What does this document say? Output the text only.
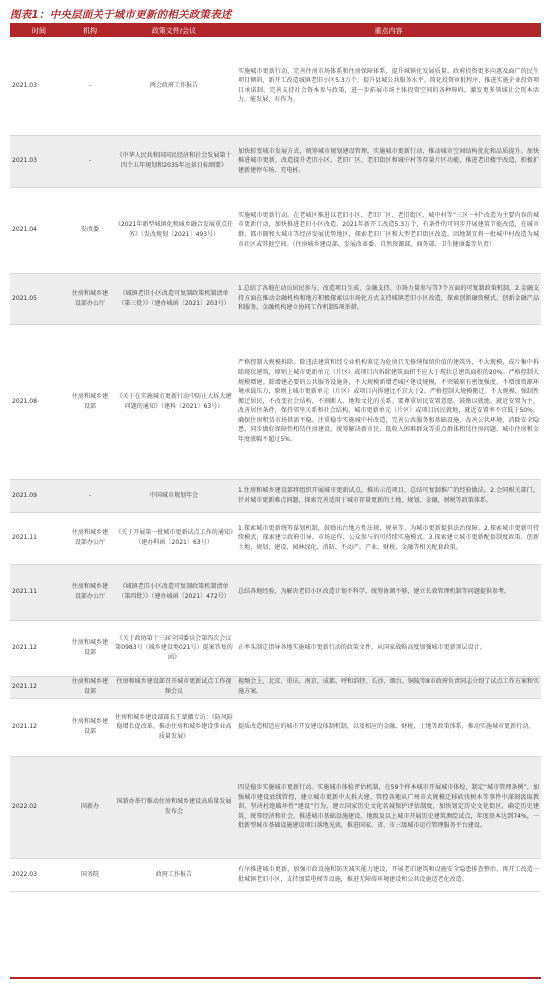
图表1：中央层面关于城市更新的相关政策表述
时间	机构	政策文件/会议	重点内容
2021.03	-	两会政府工作报告	实施城市更新行动，完善住房市场体系和住房保障体系，提升城镇化发展质量。政府投资更多向惠及面广的民生项目倾斜，新开工改造城镇老旧小区5.3万个，提升县城公共服务水平。简化投资审批程序，推进实施企业投资项目承诺制，完善支持社会资本参与政策，进一步拓展市场主体投资空间的各种障碍，激发更多领域社会资本活力，能发展，有作为。
2021.03	-	《中华人民共和国国民经济和社会发展第十四个五年规划和2035年远景目标纲要》	加快转变城市发展方式，统筹城市规划建设管理，实施城市更新行动，推动城市空间结构优化和品质提升。加快推进城市更新，改造提升老旧小区、老旧厂区、老旧街区和城中村等存量片区功能，推进老旧楼宇改造，积极扩建新建停车场、充电桩。
2021.04	发改委	《2021年新型城镇化和城乡融合发展重点任务》（发改规划〔2021〕493号）	实施城市更新行动。在老城区推进以老旧小区、老旧厂区、老旧街区、城中村等“三区一村”改造为主要内容的城市更新行动，加快推进老旧小区改造，2021年新开工改造5.3万个，有条件的可同步开展建筑节能改造，在城市群、都市圈和大城市等经济发展优势地区，探索老旧厂区和大型老旧街区改造。因地制宜将一批城中村改造为城市社区或其他空间。（住房城乡建设部、发展改革委、自然资源部、商务部、卫生健康委等负责）
2021.05	住房和城乡建设部办公厅	《城镇老旧小区改造可复制政策机制清单（第三批）》（建办城函〔2021〕203号）	1.总结了各地在动员居民参与、改造项目生成、金融支持、市场力量参与等7个方面的可复制政策机制，2.金融支持方面在推动金融机构和地方积极探索以市场化方式支持城镇老旧小区改造，探索创新融资模式、创新金融产品和服务、金融机构建立协同工作机制5项举措。
2021.08	住房和城乡建设部	《关于在实施城市更新行动中防止大拆大建问题的通知》（建科〔2021〕63号）	严格控制大规模拆除。除违法建筑和经专业机构鉴定为危房且无修缮保留价值的建筑外，不大规模、成片集中拆除现状建筑，原则上城市更新单元（片区）或项目内拆除建筑面积不应大于现状总建筑面积的20%。严格控制大规模增建。除增建必要的公共服务设施外，不大规模新增老城区建设规模，不突破原有密度强度，不增加资源环境承载压力，原则上城市更新单元（片区）或项目内拆建比不宜大于2。严格控制大规模搬迁。不大规模、强制性搬迁居民，不改变社会结构，不割断人、地和文化的关系。要尊重居民安置意愿，鼓励以就地、就近安置为主，改善居住条件，保持邻里关系和社会结构，城市更新单元（片区）或项目居民就地、就近安置率不宜低于50%。确保住房租赁市场供需平稳。注重稳步实施城中村改造，完善公共服务和基础设施，改善公共环境，消除安全隐患，同步做好保障性租赁住房建设，统筹解决新市民、低收入困难群众等重点群体租赁住房问题，城市住房租金年度涨幅不超过5%。
2021.09	-	中国城市规划年会	1.住房和城乡建设部将组织开展城市更新试点，推出示范项目，总结可复制推广的经验做法。2.会同相关部门，针对城市更新难点问题，探索完善适用于城市存量更新的土地、规划、金融、财税等政策体系。
2021.11	住房和城乡建设部办公厅	《关于开展第一批城市更新试点工作的通知》（建办科函〔2021〕63号）	1.探索城市更新统筹谋划机制，鼓励出台地方性法规、规章等，为城市更新提供法治保障。2.探索城市更新可持续模式，探索建立政府引导、市场运作、公众参与的可持续实施模式。3.探索建立城市更新配套制度政策。创新土地、规划、建设、园林绿化、消防、不动产、产业、财税、金融等相关配套政策。
2021.11	住房和城乡建设部办公厅	《城镇老旧小区改造可复制政策机制清单（第四批）》（建办城函〔2021〕472号）	总结各地经验，为解决老旧小区改造计划不科学、统筹协调不够、建立长效管理机制等问题提供参考。
2021.12	住房和城乡建设部	《关于政协第十三届全国委员会第四次会议第0983号（城乡建设类021号）提案答复的函》	正率头制定指导各地实施城市更新行动的政策文件，从国家战略高度加强城市更新顶层设计。
2021.12	住房和城乡建设部	住房和城乡建设部召开城市更新试点工作视频会议	视频会上，北京、重庆、南京、成都、呼和浩特、长沙、烟台、铜陵等8市政府负责同志介绍了试点工作方案和实施方案。
2021.12	住房和城乡建设部	住房和城乡建设部部长王蒙徽专访：《防风险稳增长促改革，推动住房和城乡建设事业高质量发展》	提质改造相适应的城市开发建设体制机制，以及相应的金融、财税、土地等政策体系，推动实施城市更新行动。
2022.02	国新办	国新办举行推动住房和城乡建设高质量发展发布会	四是稳步实施城市更新行动。实施城市体检评估机制，在59个样本城市开展城市体检，制定“城市管理条例”，加强城市建设底线管控，建立城市更新中大拆大建、管控各地从广州市大规模迁移砍伐树木等事件中深刻汲取教训，坚决杜绝破坏性“建设”行为，建立国家历史文化名城保护评估制度，加快划定历史文化街区，确定历史建筑，统筹经济和社会，推进城市基础设施建设。地级及以上城市开展历史建筑测绘试点，年度基本达到74%，一批新型城市基础设施建设项目落地见效，推进国家、省、市三级城市运行管理服务平台建设。
2022.03	国务院	政府工作报告	有序推进城市更新，加强市政设施和防灾减灾能力建设，开展老旧建筑和设施安全隐患排查整治，再开工改造一批城镇老旧小区，支持加装电梯等设施，推进无障碍环境建设和公共设施适老化改造。
